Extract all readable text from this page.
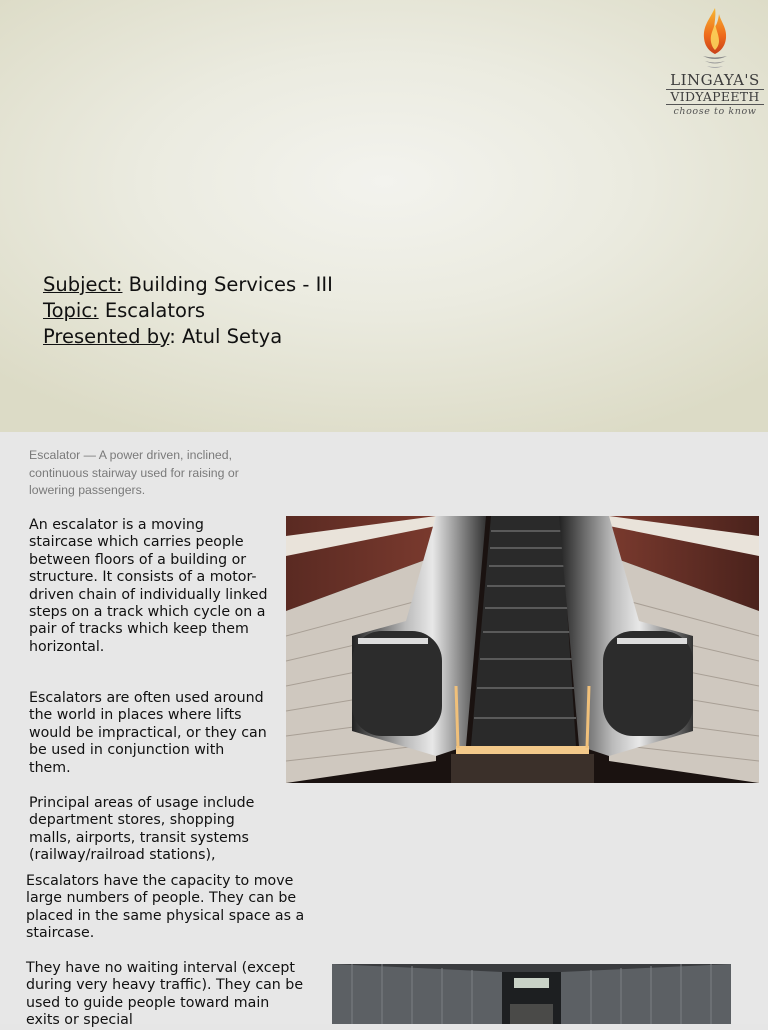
LINGAYA'S
VIDYAPEETH
choose to know
Subject: Building Services - III
Topic: Escalators
Presented by: Atul Setya
Escalator — A power driven, inclined, continuous stairway used for raising or lowering passengers.

An escalator is a moving staircase which carries people between floors of a building or structure. It consists of a motor-driven chain of individually linked steps on a track which cycle on a pair of tracks which keep them horizontal.

Escalators are often used around the world in places where lifts would be impractical, or they can be used in conjunction with them.

Principal areas of usage include department stores, shopping malls, airports, transit systems (railway/railroad stations),

Escalators have the capacity to move large numbers of people. They can be placed in the same physical space as a staircase.

They have no waiting interval (except during very heavy traffic). They can be used to guide people toward main exits or special
